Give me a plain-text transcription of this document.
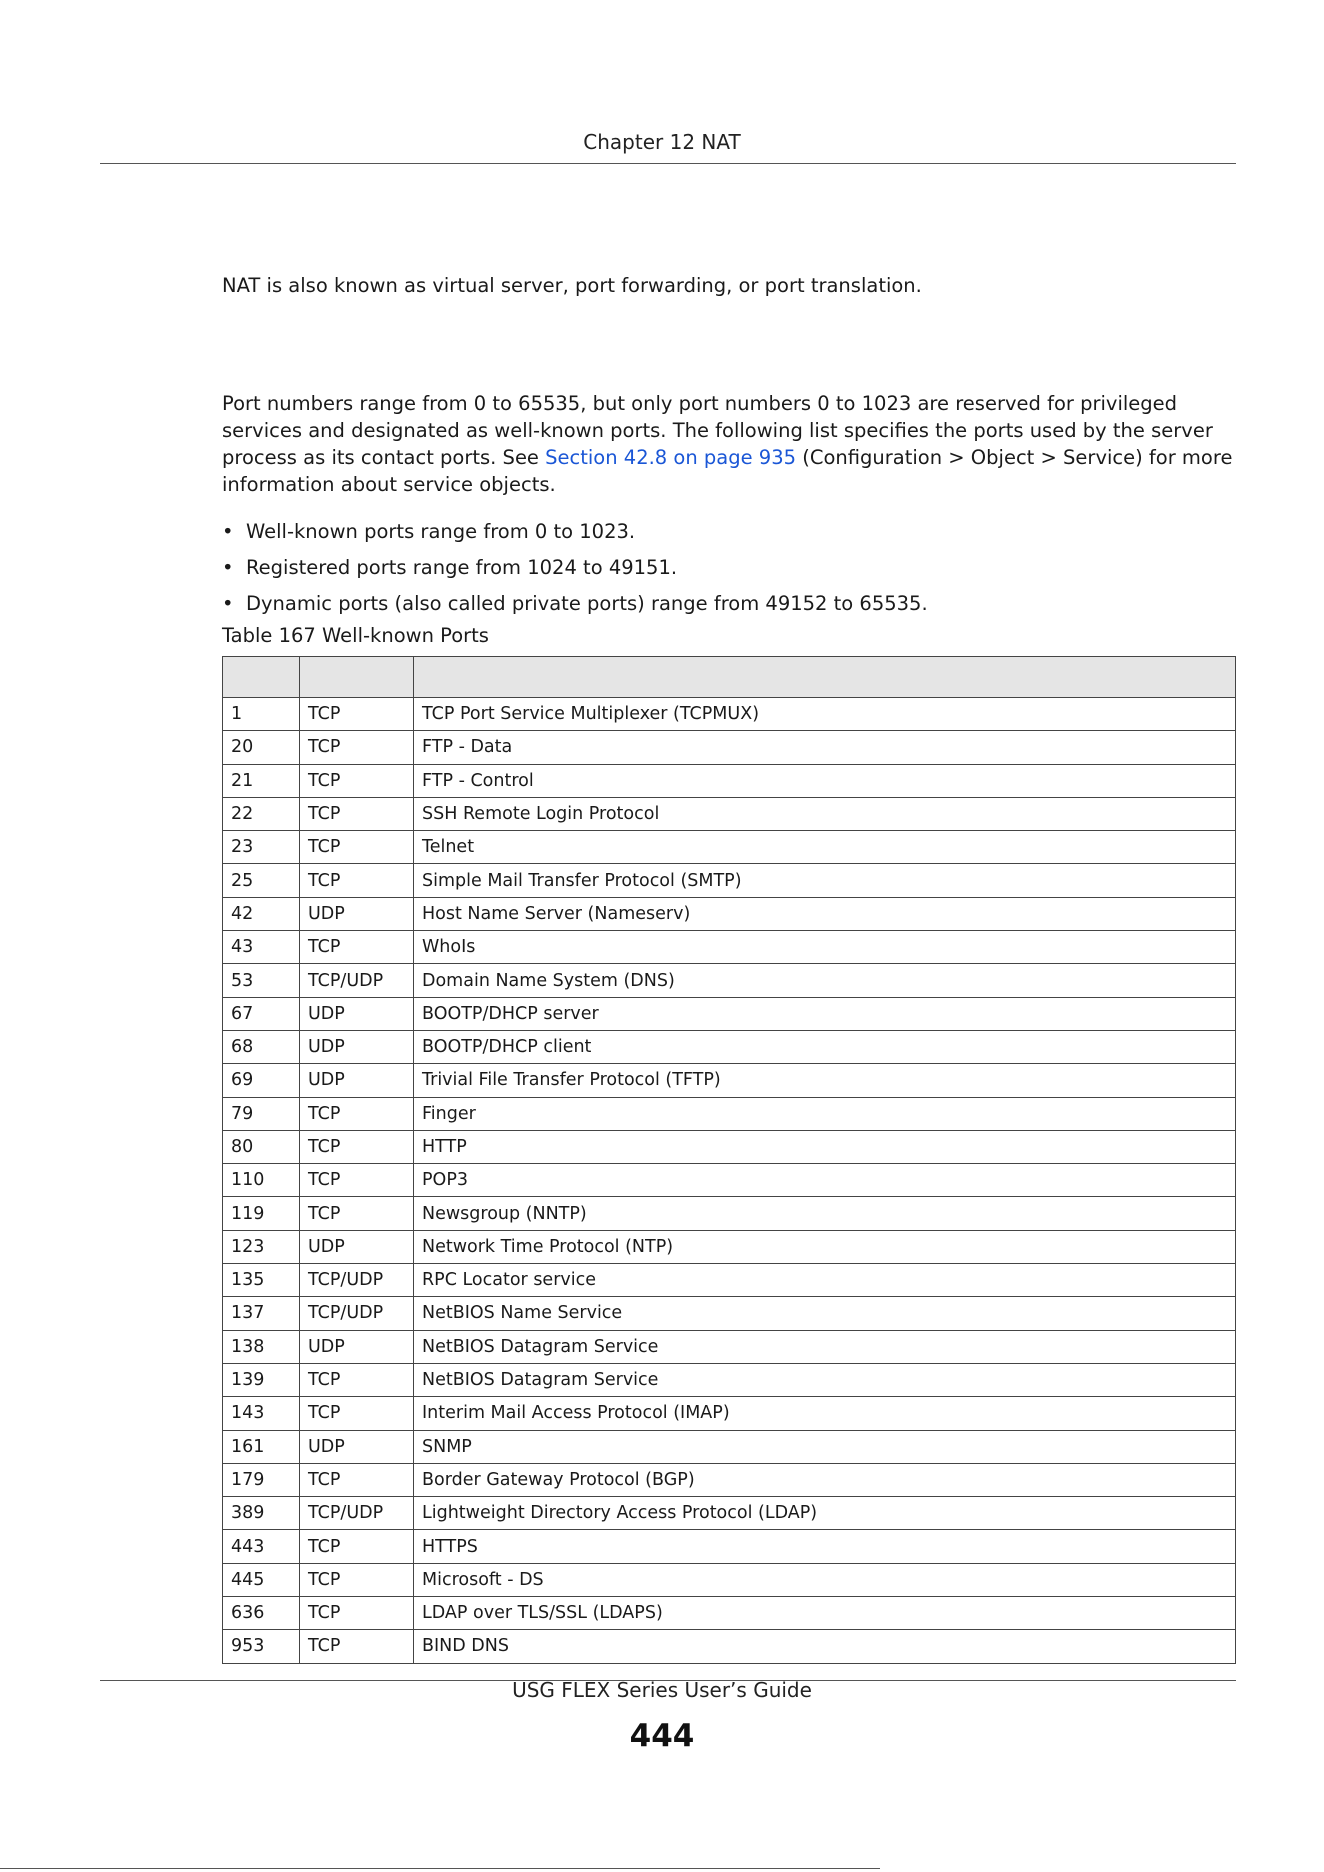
Chapter 12 NAT
NAT is also known as virtual server, port forwarding, or port translation.
Port numbers range from 0 to 65535, but only port numbers 0 to 1023 are reserved for privileged services and designated as well-known ports. The following list specifies the ports used by the server process as its contact ports. See Section 42.8 on page 935 (Configuration > Object > Service) for more information about service objects.
• Well-known ports range from 0 to 1023.
• Registered ports range from 1024 to 49151.
• Dynamic ports (also called private ports) range from 49152 to 65535.
Table 167 Well-known Ports

1	TCP	TCP Port Service Multiplexer (TCPMUX)
20	TCP	FTP - Data
21	TCP	FTP - Control
22	TCP	SSH Remote Login Protocol
23	TCP	Telnet
25	TCP	Simple Mail Transfer Protocol (SMTP)
42	UDP	Host Name Server (Nameserv)
43	TCP	WhoIs
53	TCP/UDP	Domain Name System (DNS)
67	UDP	BOOTP/DHCP server
68	UDP	BOOTP/DHCP client
69	UDP	Trivial File Transfer Protocol (TFTP)
79	TCP	Finger
80	TCP	HTTP
110	TCP	POP3
119	TCP	Newsgroup (NNTP)
123	UDP	Network Time Protocol (NTP)
135	TCP/UDP	RPC Locator service
137	TCP/UDP	NetBIOS Name Service
138	UDP	NetBIOS Datagram Service
139	TCP	NetBIOS Datagram Service
143	TCP	Interim Mail Access Protocol (IMAP)
161	UDP	SNMP
179	TCP	Border Gateway Protocol (BGP)
389	TCP/UDP	Lightweight Directory Access Protocol (LDAP)
443	TCP	HTTPS
445	TCP	Microsoft - DS
636	TCP	LDAP over TLS/SSL (LDAPS)
953	TCP	BIND DNS
USG FLEX Series User’s Guide
444
